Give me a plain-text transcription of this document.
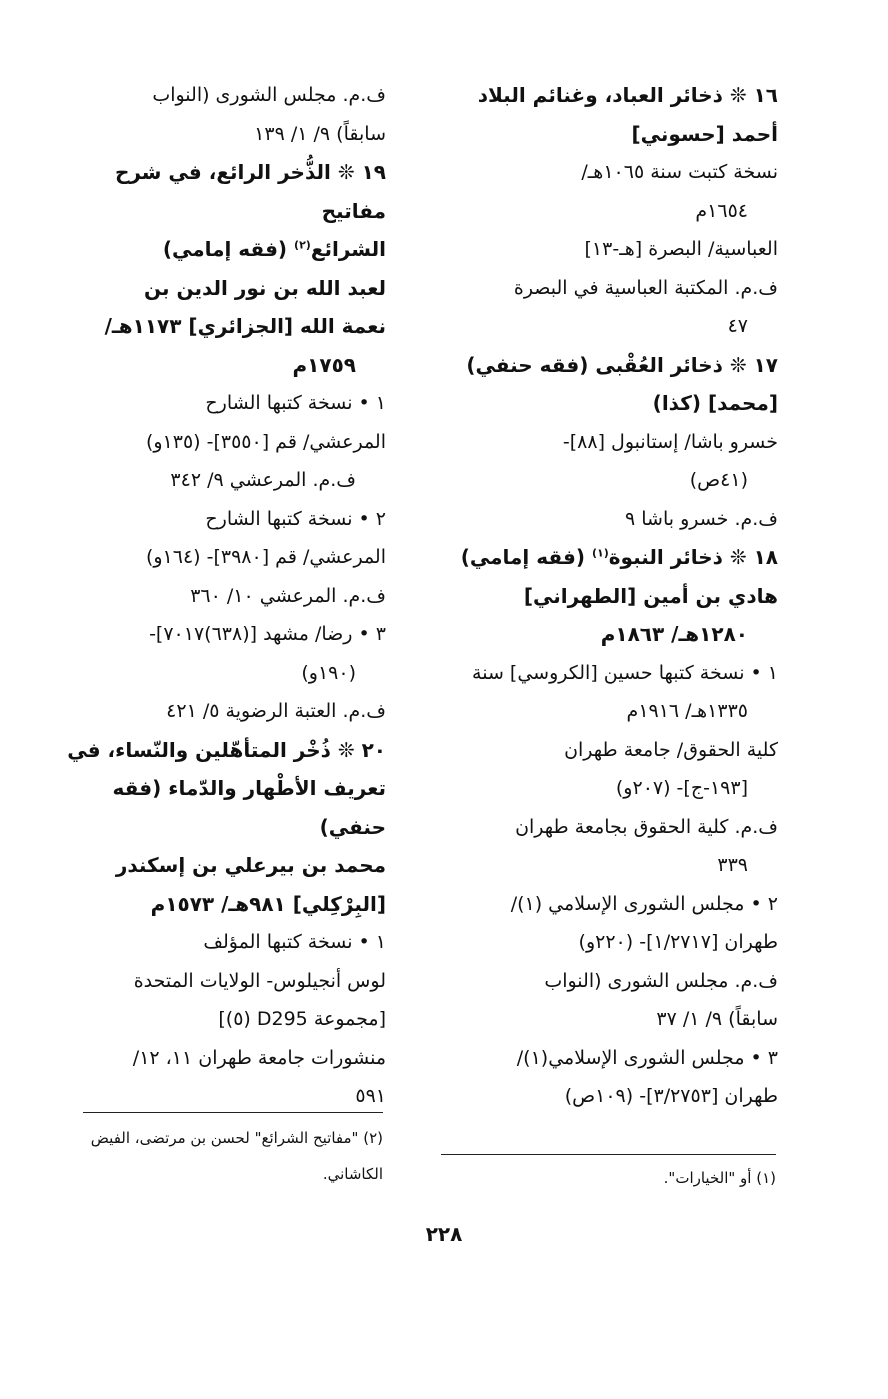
١٦ ❊ ذخائر العباد، وغنائم البلاد
أحمد [حسوني]
نسخة كتبت سنة ١٠٦٥هـ/
١٦٥٤م
العباسية/ البصرة [هـ-١٣]
ف.م. المكتبة العباسية في البصرة
٤٧
١٧ ❊ ذخائر العُقْبى (فقه حنفي)
[محمد] (كذا)
خسرو باشا/ إستانبول [٨٨]-
(٤١ص)
ف.م. خسرو باشا ٩
١٨ ❊ ذخائر النبوة$^{(١)}$ (فقه إمامي)
هادي بن أمين [الطهراني]
١٢٨٠هـ/ ١٨٦٣م
١ • نسخة كتبها حسين [الكروسي] سنة
١٣٣٥هـ/ ١٩١٦م
كلية الحقوق/ جامعة طهران
[١٩٣-ج]- (٢٠٧و)
ف.م. كلية الحقوق بجامعة طهران
٣٣٩
٢ • مجلس الشورى الإسلامي (١)/
طهران [١/٢٧١٧]- (٢٢٠و)
ف.م. مجلس الشورى (النواب
سابقاً) ٩/ ١/ ٣٧
٣ • مجلس الشورى الإسلامي(١)/
طهران [٣/٢٧٥٣]- (١٠٩ص)
ف.م. مجلس الشورى (النواب
سابقاً) ٩/ ١/ ١٣٩
١٩ ❊ الذُّخر الرائع، في شرح مفاتيح
الشرائع$^{(٢)}$ (فقه إمامي)
لعبد الله بن نور الدين بن
نعمة الله [الجزائري] ١١٧٣هـ/
١٧٥٩م
١ • نسخة كتبها الشارح
المرعشي/ قم [٣٥٥٠]- (١٣٥و)
ف.م. المرعشي ٩/ ٣٤٢
٢ • نسخة كتبها الشارح
المرعشي/ قم [٣٩٨٠]- (١٦٤و)
ف.م. المرعشي ١٠/ ٣٦٠
٣ • رضا/ مشهد [(٦٣٨)٧٠١٧]-
(١٩٠و)
ف.م. العتبة الرضوية ٥/ ٤٢١
٢٠ ❊ ذُخْر المتأهّلين والنّساء، في
تعريف الأطْهار والدّماء (فقه
حنفي)
محمد بن بيرعلي بن إسكندر
[البِرْكِلي] ٩٨١هـ/ ١٥٧٣م
١ • نسخة كتبها المؤلف
لوس أنجيلوس- الولايات المتحدة
[مجموعة D295 (٥)]
منشورات جامعة طهران ١١، ١٢/
٥٩١
(١) أو "الخيارات".
(٢) "مفاتيح الشرائع" لحسن بن مرتضى، الفيض الكاشاني.
٢٢٨
